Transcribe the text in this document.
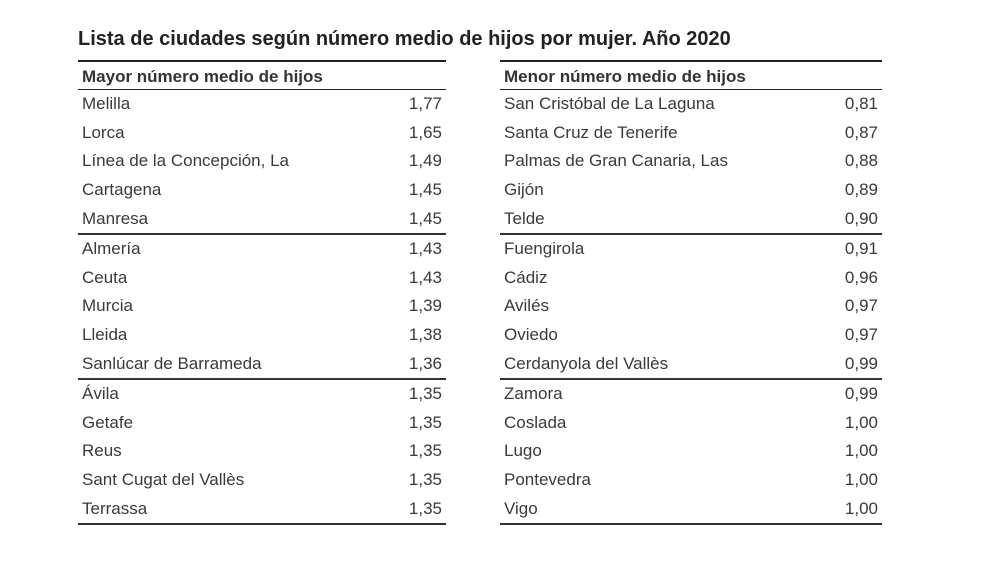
Lista de ciudades según número medio de hijos por mujer. Año 2020
Mayor número medio de hijos
Melilla	1,77
Lorca	1,65
Línea de la Concepción, La	1,49
Cartagena	1,45
Manresa	1,45
Almería	1,43
Ceuta	1,43
Murcia	1,39
Lleida	1,38
Sanlúcar de Barrameda	1,36
Ávila	1,35
Getafe	1,35
Reus	1,35
Sant Cugat del Vallès	1,35
Terrassa	1,35
Menor número medio de hijos
San Cristóbal de La Laguna	0,81
Santa Cruz de Tenerife	0,87
Palmas de Gran Canaria, Las	0,88
Gijón	0,89
Telde	0,90
Fuengirola	0,91
Cádiz	0,96
Avilés	0,97
Oviedo	0,97
Cerdanyola del Vallès	0,99
Zamora	0,99
Coslada	1,00
Lugo	1,00
Pontevedra	1,00
Vigo	1,00
